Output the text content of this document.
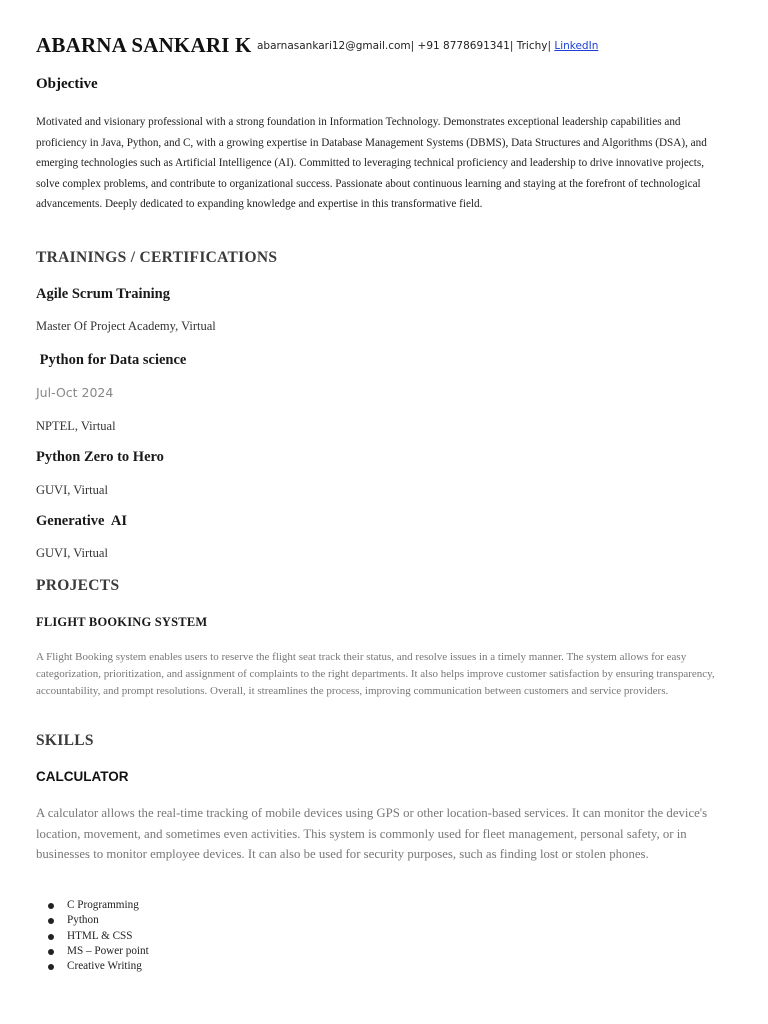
ABARNA SANKARI K abarnasankari12@gmail.com| +91 8778691341| Trichy| LinkedIn
Objective
Motivated and visionary professional with a strong foundation in Information Technology. Demonstrates exceptional leadership capabilities and proficiency in Java, Python, and C, with a growing expertise in Database Management Systems (DBMS), Data Structures and Algorithms (DSA), and emerging technologies such as Artificial Intelligence (AI). Committed to leveraging technical proficiency and leadership to drive innovative projects, solve complex problems, and contribute to organizational success. Passionate about continuous learning and staying at the forefront of technological advancements. Deeply dedicated to expanding knowledge and expertise in this transformative field.
TRAININGS / CERTIFICATIONS
Agile Scrum Training
Master Of Project Academy, Virtual
Python for Data science
Jul-Oct 2024
NPTEL, Virtual
Python Zero to Hero
GUVI, Virtual
Generative  AI
GUVI, Virtual
PROJECTS
FLIGHT BOOKING SYSTEM
A Flight Booking system enables users to reserve the flight seat track their status, and resolve issues in a timely manner. The system allows for easy categorization, prioritization, and assignment of complaints to the right departments. It also helps improve customer satisfaction by ensuring transparency, accountability, and prompt resolutions. Overall, it streamlines the process, improving communication between customers and service providers.
SKILLS
CALCULATOR
A calculator allows the real-time tracking of mobile devices using GPS or other location-based services. It can monitor the device's location, movement, and sometimes even activities. This system is commonly used for fleet management, personal safety, or in businesses to monitor employee devices. It can also be used for security purposes, such as finding lost or stolen phones.
C Programming
Python
HTML & CSS
MS – Power point
Creative Writing
